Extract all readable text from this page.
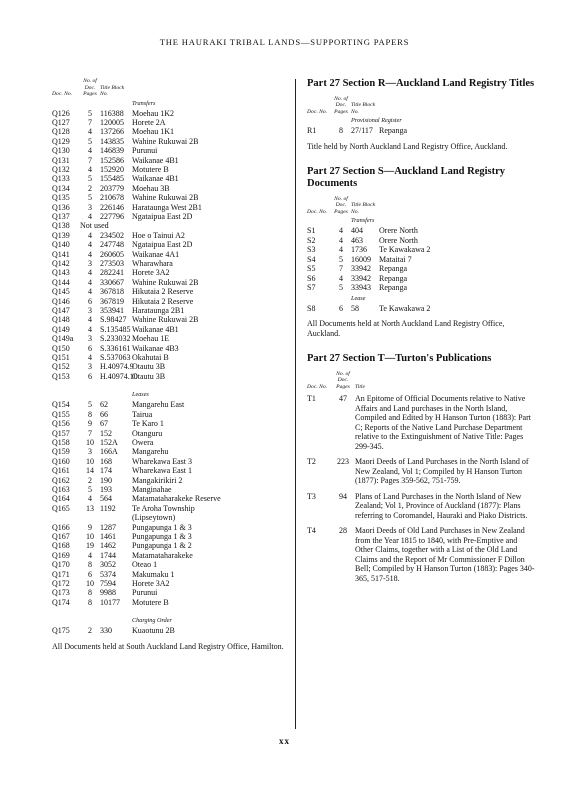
THE HAURAKI TRIBAL LANDS—SUPPORTING PAPERS
Doc. No.
No. of Doc. Pages
Title Block No.
Transfers
Q126	5	116388	Moehau 1K2
Q127	7	120005	Horete 2A
Q128	4	137266	Moehau 1K1
Q129	5	143835	Wahine Rukuwai 2B
Q130	4	146839	Purunui
Q131	7	152586	Waikanae 4B1
Q132	4	152920	Motutere B
Q133	5	155485	Waikanae 4B1
Q134	2	203779	Moehau 3B
Q135	5	210678	Wahine Rukuwai 2B
Q136	3	226146	Harataunga West 2B1
Q137	4	227796	Ngataipua East 2D
Q138	Not used
Q139	4	234502	Hoe o Tainui A2
Q140	4	247748	Ngataipua East 2D
Q141	4	260605	Waikanae 4A1
Q142	3	273503	Wharawhara
Q143	4	282241	Horete 3A2
Q144	4	330667	Wahine Rukuwai 2B
Q145	4	367818	Hikutaia 2 Reserve
Q146	6	367819	Hikutaia 2 Reserve
Q147	3	353941	Harataunga 2B1
Q148	4	S.98427 Wahine Rukuwai 2B
Q149	4	S.135485 Waikanae 4B1
Q149a	3	S.233032 Moehau 1E
Q150	6	S.336161 Waikanae 4B3
Q151	4	S.537063 Okahutai B
Q152	3	H.40974.9
Otautu 3B
Q153	6	H.40974.10
Otautu 3B
Leases
Q154	5	62	Mangarehu East
Q155	8	66	Tairua
Q156	9	67	Te Karo 1
Q157	7	152	Otanguru
Q158	10 152A	Owera
Q159	3	166A	Mangarehu
Q160	10 168	Wharekawa East 3
Q161	14 174	Wharekawa East 1
Q162	2	190	Mangakirikiri 2
Q163	5	193	Manginahae
Q164	4	564	Matamataharakeke Reserve
Q165	13 1192	Te Aroha Township
(Lipseytown)
Q166	9	1287	Pungapunga 1 & 3
Q167	10 1461	Pungapunga 1 & 3
Q168	19 1462	Pungapunga 1 & 2
Q169	4	1744	Matamataharakeke
Q170	8	3052	Oteao 1
Q171	6	5374	Makumaku 1
Q172	10 7594	Horete 3A2
Q173	8	9988	Purunui
Q174	8	10177	Motutere B
Charging Order
Q175	2	330	Kuaotunu 2B
All Documents held at South Auckland Land Registry Office, Hamilton.
Part 27 Section R—Auckland Land Registry Titles
Doc. No.
No. of Doc. Pages
Title Block No.
Provisional Register
R1	8	27/117 Repanga
Title held by North Auckland Land Registry Office, Auckland.
Part 27 Section S—Auckland Land Registry Documents
Doc. No.
No. of Doc. Pages
Title Block No.
Transfers
S1	4	404	Orere North
S2	4	463	Orere North
S3	4	1736	Te Kawakawa 2
S4	5	16009	Mataitai 7
S5	7	33942	Repanga
S6	4	33942	Repanga
S7	5	33943	Repanga
Lease
S8	6	58	Te Kawakawa 2
All Documents held at North Auckland Land Registry Office, Auckland.
Part 27 Section T—Turton's Publications
Doc. No.
No. of Doc. Pages Title
T1	47	An Epitome of Official Documents relative to Native Affairs and Land purchases in the North Island, Compiled and Edited by H Hanson Turton (1883): Part C; Reports of the Native Land Purchase Department relative to the Extinguishment of Native Title: Pages 299-345.
T2	223 Maori Deeds of Land Purchases in the North Island of New Zealand, Vol 1; Compiled by H Hanson Turton (1877): Pages 359-562, 751-759.
T3	94	Plans of Land Purchases in the North Island of New Zealand; Vol 1, Province of Auckland (1877): Plans referring to Coromandel, Hauraki and Piako Districts.
T4	28	Maori Deeds of Old Land Purchases in New Zealand from the Year 1815 to 1840, with Pre-Emptive and Other Claims, together with a List of the Old Land Claims and the Report of Mr Commissioner F Dillon Bell; Compiled by H Hanson Turton (1883): Pages 340-365, 517-518.
xx
